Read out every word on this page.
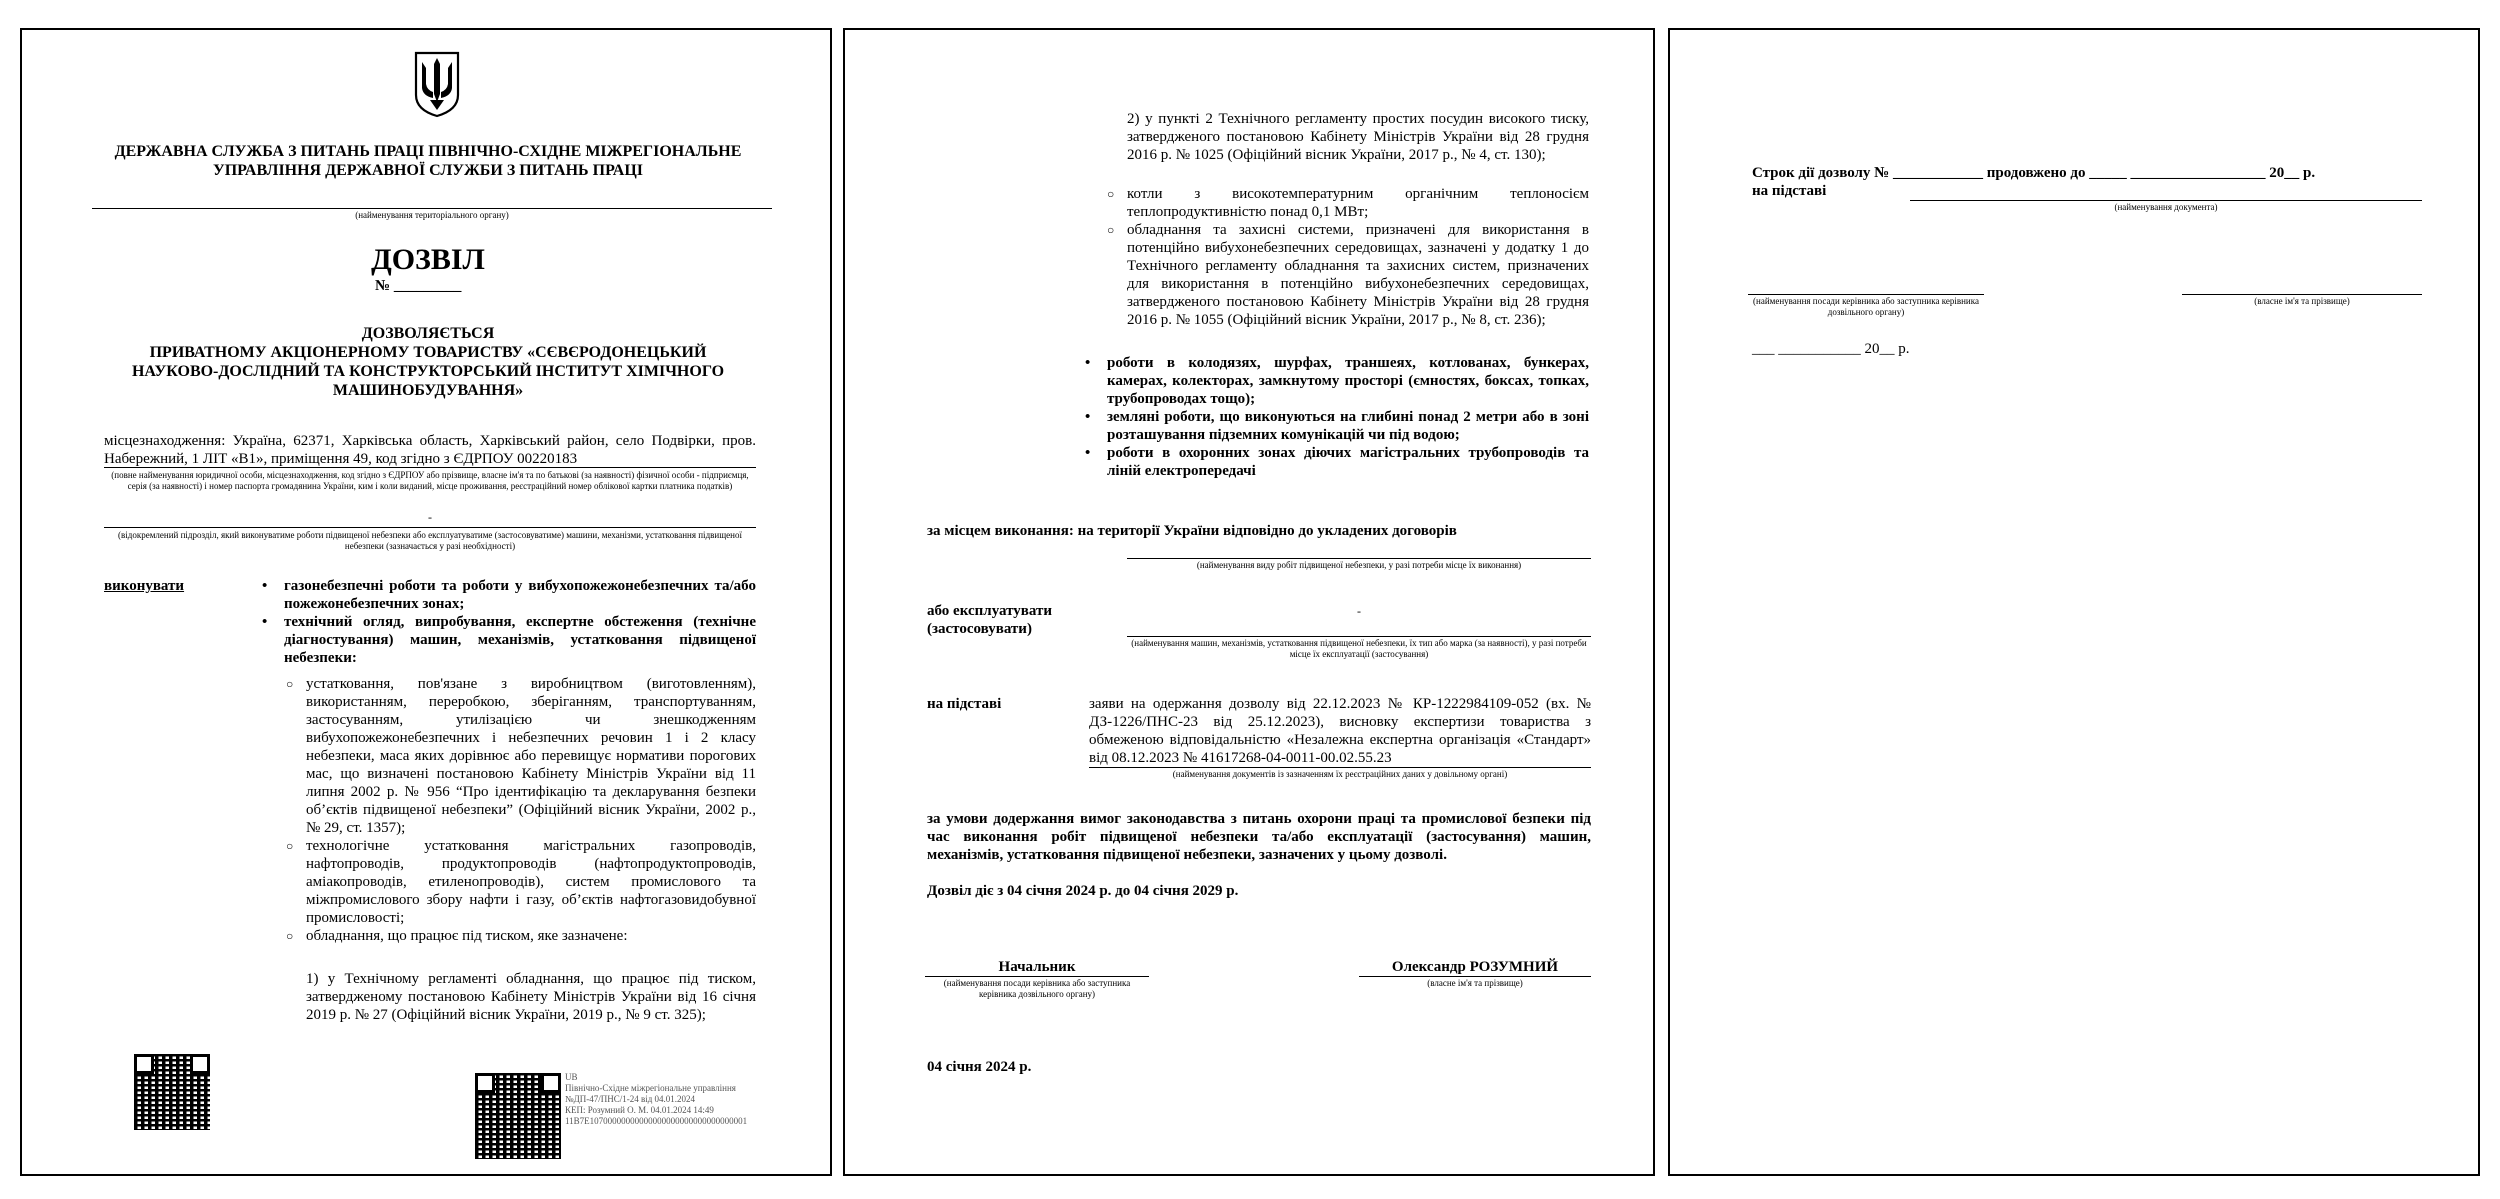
ДЕРЖАВНА СЛУЖБА З ПИТАНЬ ПРАЦІ ПІВНІЧНО-СХІДНЕ МІЖРЕГІОНАЛЬНЕ УПРАВЛІННЯ ДЕРЖАВНОЇ СЛУЖБИ З ПИТАНЬ ПРАЦІ
(найменування територіального органу)
ДОЗВІЛ
№ _________
ДОЗВОЛЯЄТЬСЯ
ПРИВАТНОМУ АКЦІОНЕРНОМУ ТОВАРИСТВУ «СЄВЄРОДОНЕЦЬКИЙ НАУКОВО-ДОСЛІДНИЙ ТА КОНСТРУКТОРСЬКИЙ ІНСТИТУТ ХІМІЧНОГО МАШИНОБУДУВАННЯ»
місцезнаходження: Україна, 62371, Харківська область, Харківський район, село Подвірки, пров. Набережний, 1 ЛІТ «В1», приміщення 49, код згідно з ЄДРПОУ 00220183
(повне найменування юридичної особи, місцезнаходження, код згідно з ЄДРПОУ або прізвище, власне ім'я та по батькові (за наявності) фізичної особи - підприємця, серія (за наявності) і номер паспорта громадянина України, ким і коли виданий, місце проживання, реєстраційний номер облікової картки платника податків)
-
(відокремлений підрозділ, який виконуватиме роботи підвищеної небезпеки або експлуатуватиме (застосовуватиме) машини, механізми, устатковання підвищеної небезпеки (зазначається у разі необхідності)
виконувати
•	газонебезпечні роботи та роботи у вибухопожежонебезпечних та/або пожежонебезпечних зонах;
• технічний огляд, випробування, експертне обстеження (технічне діагностування) машин, механізмів, устатковання підвищеної небезпеки:
○ устатковання, пов'язане з виробництвом (виготовленням), використанням, переробкою, зберіганням, транспортуванням, застосуванням, утилізацією чи знешкодженням вибухопожежонебезпечних і небезпечних речовин 1 і 2 класу небезпеки, маса яких дорівнює або перевищує нормативи порогових мас, що визначені постановою Кабінету Міністрів України від 11 липня 2002 р. № 956 “Про ідентифікацію та декларування безпеки об’єктів підвищеної небезпеки” (Офіційний вісник України, 2002 р., № 29, ст. 1357);
○ технологічне устатковання магістральних газопроводів, нафтопроводів, продуктопроводів (нафтопродуктопроводів, аміакопроводів, етиленопроводів), систем промислового та міжпромислового збору нафти і газу, об’єктів нафтогазовидобувної промисловості;
○ обладнання, що працює під тиском, яке зазначене:
1) у Технічному регламенті обладнання, що працює під тиском, затвердженому постановою Кабінету Міністрів України від 16 січня 2019 р. № 27 (Офіційний вісник України, 2019 р., № 9 ст. 325);
UB
Північно-Східне міжрегіональне управління
№ДП-47/ПНС/1-24 від 04.01.2024
КЕП: Розумний О. М. 04.01.2024 14:49
11B7E10700000000000000000000000000000001
2) у пункті 2 Технічного регламенту простих посудин високого тиску, затвердженого постановою Кабінету Міністрів України від 28 грудня 2016 р. № 1025 (Офіційний вісник України, 2017 р., № 4, ст. 130);
○ котли з високотемпературним органічним теплоносієм теплопродуктивністю понад 0,1 МВт;
○ обладнання та захисні системи, призначені для використання в потенційно вибухонебезпечних середовищах, зазначені у додатку 1 до Технічного регламенту обладнання та захисних систем, призначених для використання в потенційно вибухонебезпечних середовищах, затвердженого постановою Кабінету Міністрів України від 28 грудня 2016 р. № 1055 (Офіційний вісник України, 2017 р., № 8, ст. 236);
• роботи в колодязях, шурфах, траншеях, котлованах, бункерах, камерах, колекторах, замкнутому просторі (ємностях, боксах, топках, трубопроводах тощо);
• земляні роботи, що виконуються на глибині понад 2 метри або в зоні розташування підземних комунікацій чи під водою;
• роботи в охоронних зонах діючих магістральних трубопроводів та ліній електропередачі
за місцем виконання: на території України відповідно до укладених договорів
(найменування виду робіт підвищеної небезпеки, у разі потреби місце їх виконання)
або експлуатувати (застосовувати)
-
(найменування машин, механізмів, устатковання підвищеної небезпеки, їх тип або марка (за наявності), у разі потреби місце їх експлуатації (застосування)
на підставі	заяви на одержання дозволу від 22.12.2023 № КР-1222984109-052 (вх. № ДЗ-1226/ПНС-23 від 25.12.2023), висновку експертизи товариства з обмеженою відповідальністю «Незалежна експертна організація «Стандарт» від 08.12.2023 № 41617268-04-0011-00.02.55.23
(найменування документів із зазначенням їх реєстраційних даних у довільному органі)
за умови додержання вимог законодавства з питань охорони праці та промислової безпеки під час виконання робіт підвищеної небезпеки та/або експлуатації (застосування) машин, механізмів, устатковання підвищеної небезпеки, зазначених у цьому дозволі.
Дозвіл діє з 04 січня 2024 р. до 04 січня 2029 р.
Начальник
(найменування посади керівника або заступника керівника дозвільного органу)
Олександр РОЗУМНИЙ
(власне ім'я та прізвище)
04 січня 2024 р.
Строк дії дозволу № ____________ продовжено до _____ __________________ 20__ р.
на підставі
(найменування документа)
(найменування посади керівника або заступника керівника дозвільного органу)
(власне ім'я та прізвище)
___ ___________ 20__ р.
